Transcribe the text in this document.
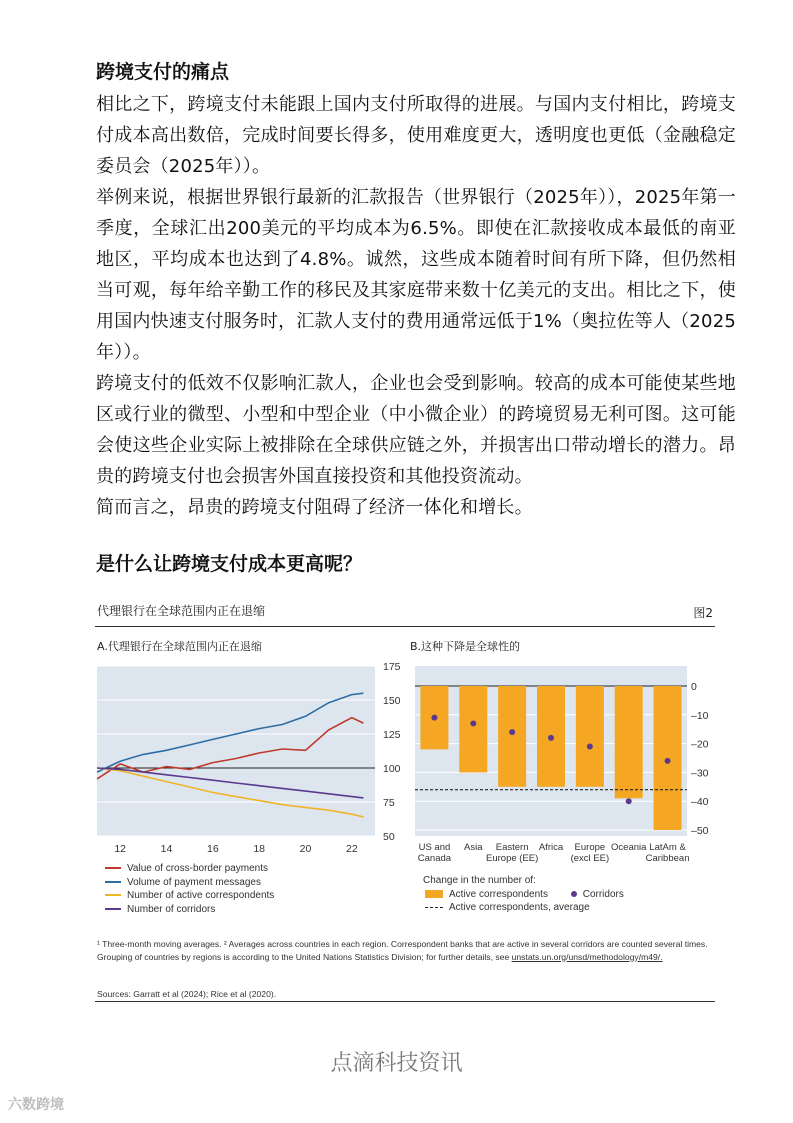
跨境支付的痛点
相比之下，跨境支付未能跟上国内支付所取得的进展。与国内支付相比，跨境支付成本高出数倍，完成时间要长得多，使用难度更大，透明度也更低（金融稳定委员会（2025年））。
举例来说，根据世界银行最新的汇款报告（世界银行（2025年）），2025年第一季度，全球汇出200美元的平均成本为6.5%。即使在汇款接收成本最低的南亚地区，平均成本也达到了4.8%。诚然，这些成本随着时间有所下降，但仍然相当可观，每年给辛勤工作的移民及其家庭带来数十亿美元的支出。相比之下，使用国内快速支付服务时，汇款人支付的费用通常远低于1%（奥拉佐等人（2025年））。
跨境支付的低效不仅影响汇款人，企业也会受到影响。较高的成本可能使某些地区或行业的微型、小型和中型企业（中小微企业）的跨境贸易无利可图。这可能会使这些企业实际上被排除在全球供应链之外，并损害出口带动增长的潜力。昂贵的跨境支付也会损害外国直接投资和其他投资流动。
简而言之，昂贵的跨境支付阻碍了经济一体化和增长。
是什么让跨境支付成本更高呢？
代理银行在全球范围内正在退缩	图2
A.代理银行在全球范围内正在退缩	B.这种下降是全球性的
50
75
100
125
150
175
12	14	16	18	20	22
0
–10
–20
–30
–40
–50
US and
Canada
Asia Eastern
Europe (EE)
Africa Europe
(excl EE)
Oceania LatAm &
Caribbean
Value of cross-border payments
Volume of payment messages
Number of active correspondents
Number of corridors
Change in the number of:
Active correspondents	Corridors
Active correspondents, average
¹ Three-month moving averages. ² Averages across countries in each region. Correspondent banks that are active in several corridors are counted several times. Grouping of countries by regions is according to the United Nations Statistics Division; for further details, see unstats.un.org/unsd/methodology/m49/.
Sources: Garratt et al (2024); Rice et al (2020).
点滴科技资讯
六数跨境
